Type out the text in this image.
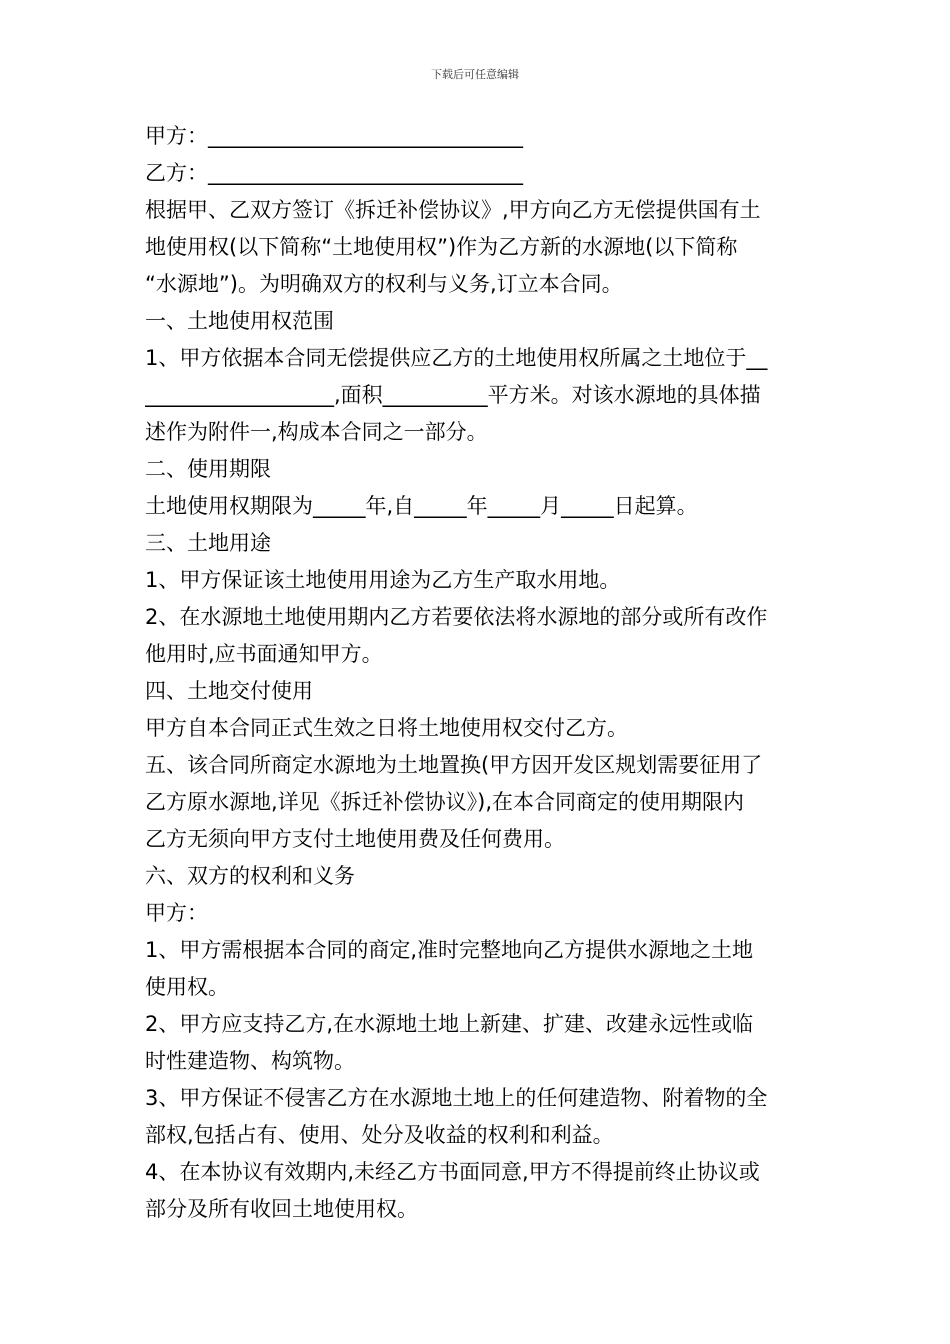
下载后可任意编辑
甲方：______________________________
乙方：______________________________
根据甲、乙双方签订《拆迁补偿协议》,甲方向乙方无偿提供国有土
地使用权(以下简称“土地使用权”)作为乙方新的水源地(以下简称
“水源地”)。为明确双方的权利与义务,订立本合同。
一、土地使用权范围
1、甲方依据本合同无偿提供应乙方的土地使用权所属之土地位于__
__________________,面积__________平方米。对该水源地的具体描
述作为附件一,构成本合同之一部分。
二、使用期限
土地使用权期限为_____年,自_____年_____月_____日起算。
三、土地用途
1、甲方保证该土地使用用途为乙方生产取水用地。
2、在水源地土地使用期内乙方若要依法将水源地的部分或所有改作
他用时,应书面通知甲方。
四、土地交付使用
甲方自本合同正式生效之日将土地使用权交付乙方。
五、该合同所商定水源地为土地置换(甲方因开发区规划需要征用了
乙方原水源地,详见《拆迁补偿协议》),在本合同商定的使用期限内
乙方无须向甲方支付土地使用费及任何费用。
六、双方的权利和义务
甲方：
1、甲方需根据本合同的商定,准时完整地向乙方提供水源地之土地
使用权。
2、甲方应支持乙方,在水源地土地上新建、扩建、改建永远性或临
时性建造物、构筑物。
3、甲方保证不侵害乙方在水源地土地上的任何建造物、附着物的全
部权,包括占有、使用、处分及收益的权利和利益。
4、在本协议有效期内,未经乙方书面同意,甲方不得提前终止协议或
部分及所有收回土地使用权。
